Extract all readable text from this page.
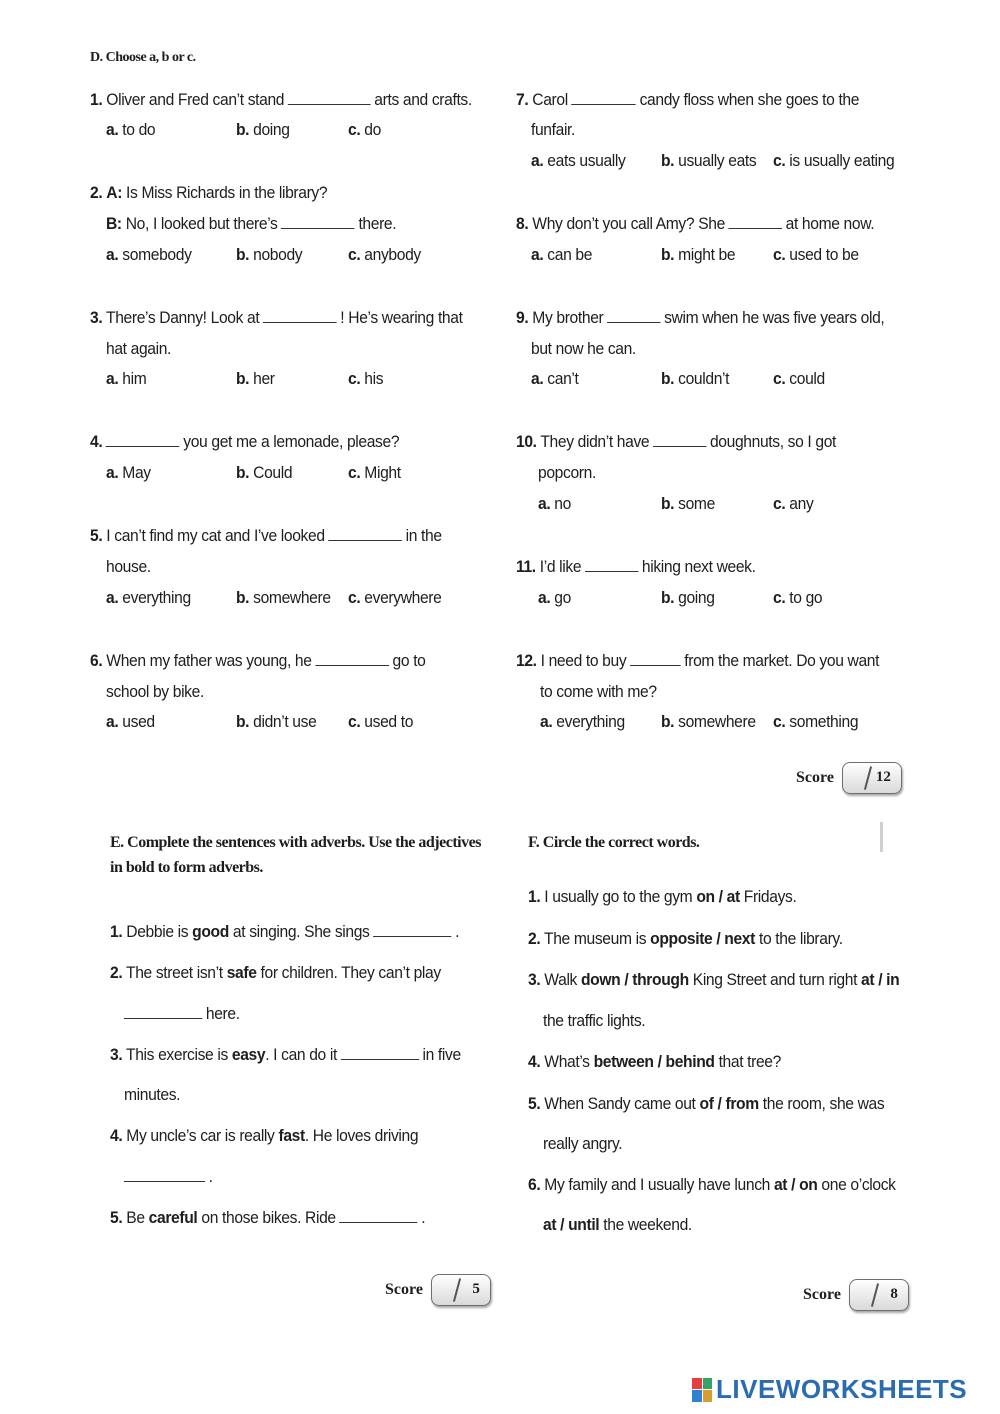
D. Choose a, b or c.
1. Oliver and Fred can’t stand	arts and crafts.
a. to do	b. doing	c. do
2. A: Is Miss Richards in the library?
B: No, I looked but there’s	there.
a. somebody	b. nobody	c. anybody
3. There’s Danny! Look at	! He’s wearing that
hat again.
a. him	b. her	c. his
4.	you get me a lemonade, please?
a. May	b. Could	c. Might
5. I can’t find my cat and I’ve looked	in the
house.
a. everything	b. somewhere c. everywhere
6. When my father was young, he	go to
school by bike.
a. used	b. didn’t use c. used to
7. Carol	candy floss when she goes to the
funfair.
a. eats usually b. usually eats c. is usually eating
8. Why don’t you call Amy? She	at home now.
a. can be	b. might be c. used to be
9. My brother	swim when he was five years old,
but now he can.
a. can’t	b. couldn’t	c. could
10. They didn’t have	doughnuts, so I got
popcorn.
a. no	b. some	c. any
11. I’d like	hiking next week.
a. go	b. going	c. to go
12. I need to buy	from the market. Do you want
to come with me?
a. everything b. somewhere c. something
Score	12
E. Complete the sentences with adverbs. Use the adjectives
in bold to form adverbs.
1. Debbie is good at singing. She sings	.
2. The street isn’t safe for children. They can’t play
here.
3. This exercise is easy. I can do it	in five
minutes.
4. My uncle’s car is really fast. He loves driving
.
5. Be careful on those bikes. Ride	.
Score	5
F. Circle the correct words.
1. I usually go to the gym on / at Fridays.
2. The museum is opposite / next to the library.
3. Walk down / through King Street and turn right at / in
the traffic lights.
4. What’s between / behind that tree?
5. When Sandy came out of / from the room, she was
really angry.
6. My family and I usually have lunch at / on one o’clock
at / until the weekend.
Score	8
LIVEWORKSHEETS
